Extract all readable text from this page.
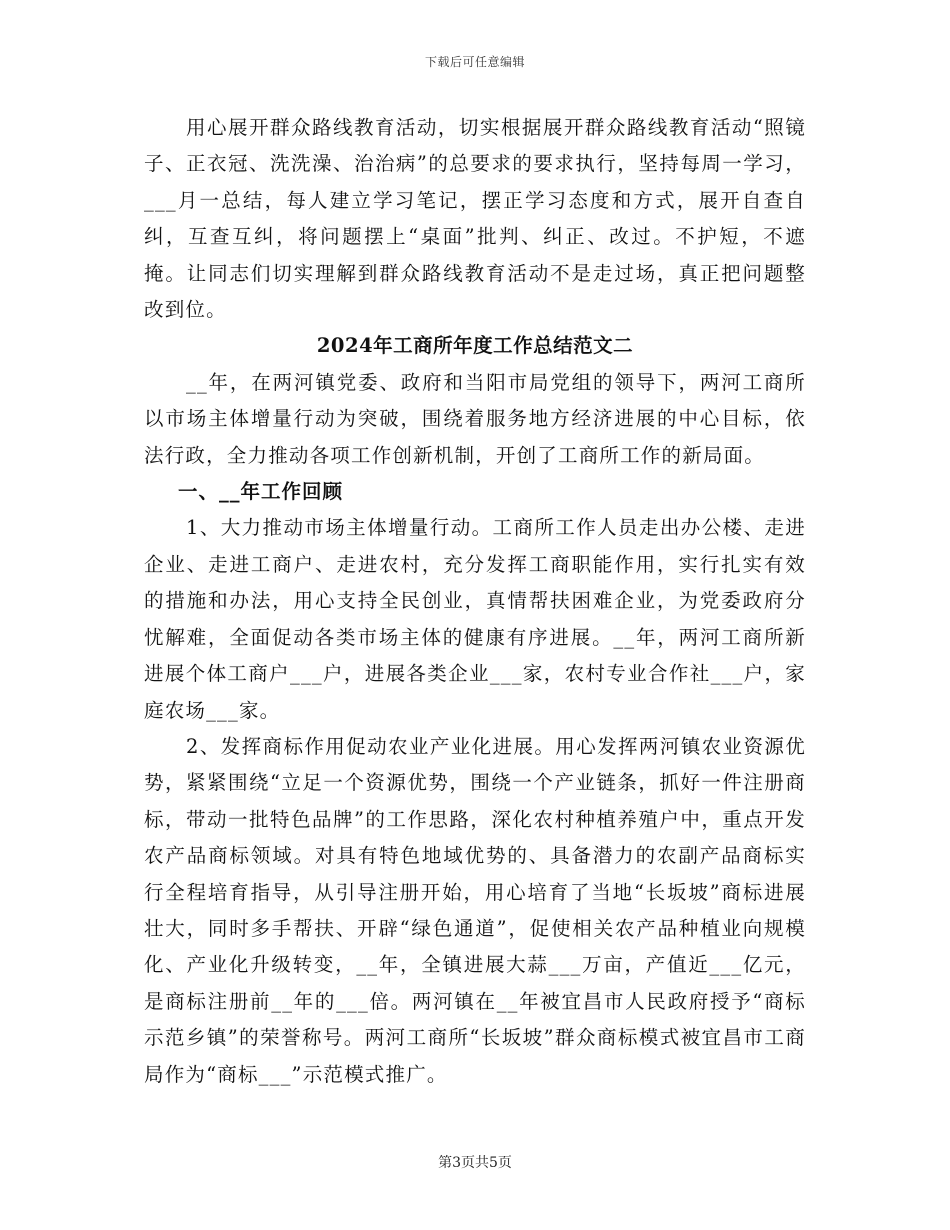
下载后可任意编辑

用心展开群众路线教育活动，切实根据展开群众路线教育活动“照镜子、正衣冠、洗洗澡、治治病”的总要求的要求执行，坚持每周一学习，___月一总结，每人建立学习笔记，摆正学习态度和方式，展开自查自纠，互查互纠，将问题摆上“桌面”批判、纠正、改过。不护短，不遮掩。让同志们切实理解到群众路线教育活动不是走过场，真正把问题整改到位。

2024年工商所年度工作总结范文二

__年，在两河镇党委、政府和当阳市局党组的领导下，两河工商所以市场主体增量行动为突破，围绕着服务地方经济进展的中心目标，依法行政，全力推动各项工作创新机制，开创了工商所工作的新局面。

一、__年工作回顾

1、大力推动市场主体增量行动。工商所工作人员走出办公楼、走进企业、走进工商户、走进农村，充分发挥工商职能作用，实行扎实有效的措施和办法，用心支持全民创业，真情帮扶困难企业，为党委政府分忧解难，全面促动各类市场主体的健康有序进展。__年，两河工商所新进展个体工商户___户，进展各类企业___家，农村专业合作社___户，家庭农场___家。

2、发挥商标作用促动农业产业化进展。用心发挥两河镇农业资源优势，紧紧围绕“立足一个资源优势，围绕一个产业链条，抓好一件注册商标，带动一批特色品牌”的工作思路，深化农村种植养殖户中，重点开发农产品商标领域。对具有特色地域优势的、具备潜力的农副产品商标实行全程培育指导，从引导注册开始，用心培育了当地“长坂坡”商标进展壮大，同时多手帮扶、开辟“绿色通道”，促使相关农产品种植业向规模化、产业化升级转变，__年，全镇进展大蒜___万亩，产值近___亿元，是商标注册前__年的___倍。两河镇在__年被宜昌市人民政府授予“商标示范乡镇”的荣誉称号。两河工商所“长坂坡”群众商标模式被宜昌市工商局作为“商标___”示范模式推广。

第3页共5页
